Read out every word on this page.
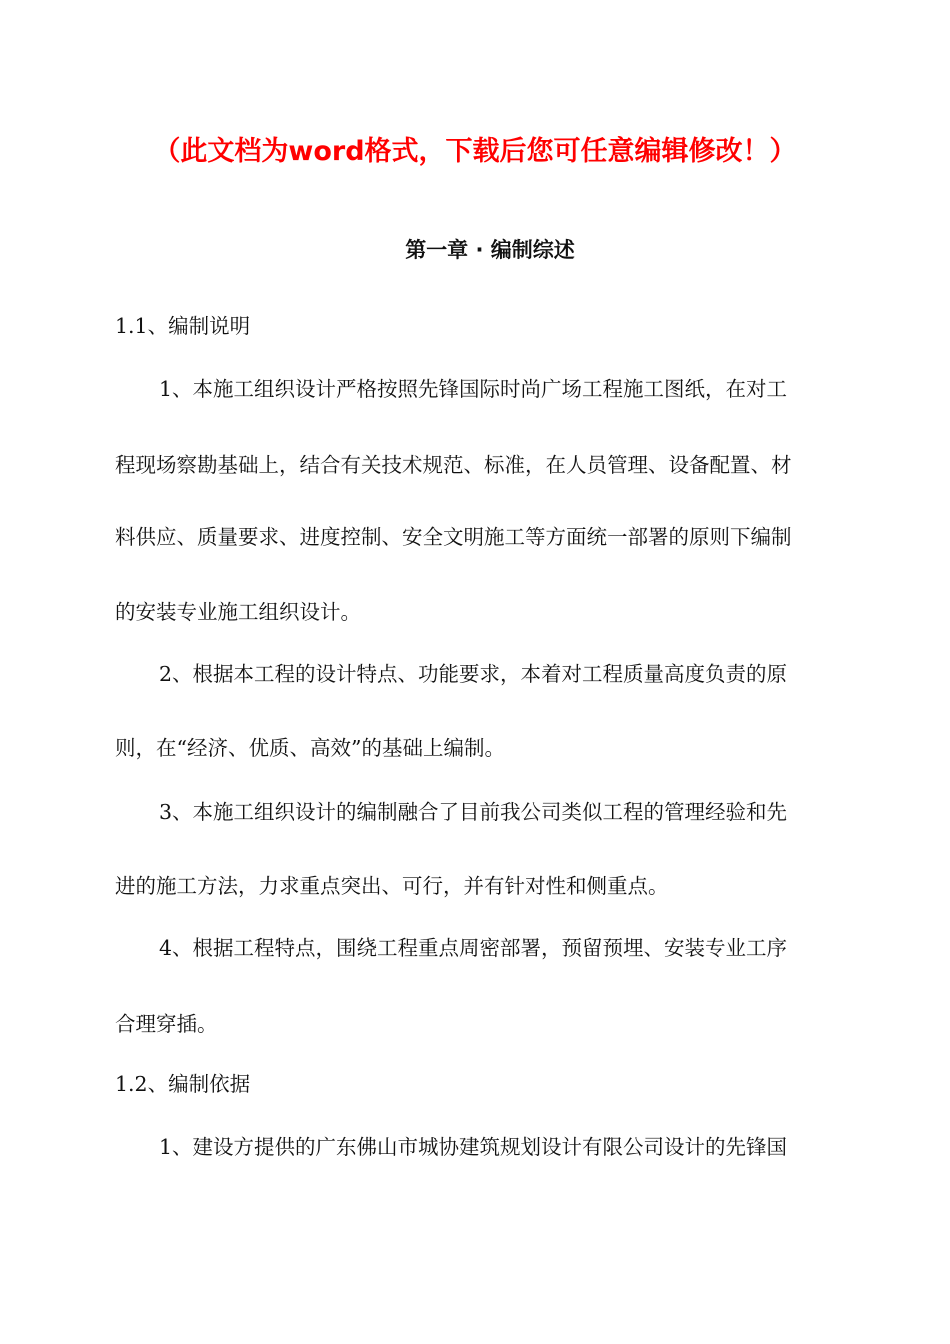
（此文档为word格式，下载后您可任意编辑修改！）
第一章 · 编制综述
1.1、编制说明
1、本施工组织设计严格按照先锋国际时尚广场工程施工图纸，在对工
程现场察勘基础上，结合有关技术规范、标准，在人员管理、设备配置、材
料供应、质量要求、进度控制、安全文明施工等方面统一部署的原则下编制
的安装专业施工组织设计。
2、根据本工程的设计特点、功能要求，本着对工程质量高度负责的原
则，在“经济、优质、高效”的基础上编制。
3、本施工组织设计的编制融合了目前我公司类似工程的管理经验和先
进的施工方法，力求重点突出、可行，并有针对性和侧重点。
4、根据工程特点，围绕工程重点周密部署，预留预埋、安装专业工序
合理穿插。
1.2、编制依据
1、建设方提供的广东佛山市城协建筑规划设计有限公司设计的先锋国
